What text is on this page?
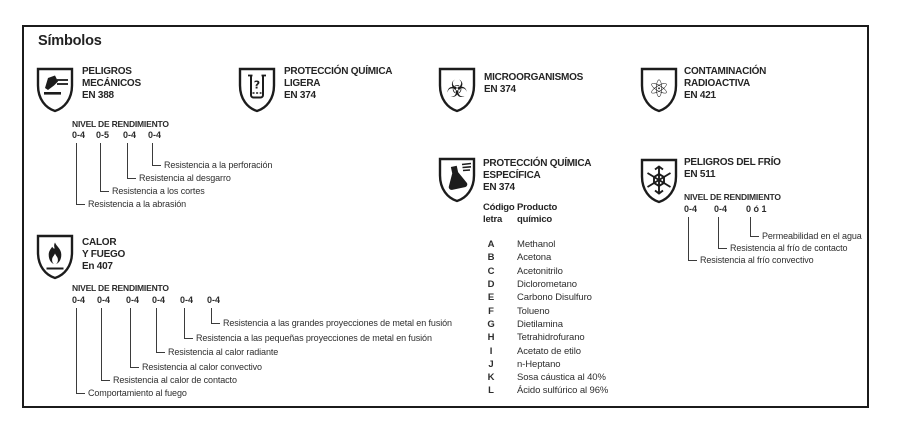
Símbolos
PELIGROS
MECÁNICOS
EN 388
?
PROTECCIÓN QUÍMICA
LIGERA
EN 374	☣ MICROORGANISMOS
EN 374	⚛
CONTAMINACIÓN
RADIOACTIVA
EN 421
NIVEL DE RENDIMIENTO
0-4 0-5 0-4 0-4
Resistencia a la abrasión
Resistencia a los cortes
Resistencia al desgarro
Resistencia a la perforación	PROTECCIÓN QUÍMICA
ESPECÍFICA
EN 374
Código
letra
Producto
químico
A	Methanol
B	Acetona
C	Acetonitrilo
D	Diclorometano
E	Carbono Disulfuro
F	Tolueno
G	Dietilamina
H	Tetrahidrofurano
I	Acetato de etilo
J	n-Heptano
K	Sosa cáustica al 40%
L	Ácido sulfúrico al 96%
PELIGROS DEL FRÍO
EN 511
NIVEL DE RENDIMIENTO
0-4 0-4 0 ó 1
Resistencia al frío convectivo
Resistencia al frío de contacto
Permeabilidad en el agua
CALOR
Y FUEGO
En 407
NIVEL DE RENDIMIENTO
0-4 0-4 0-4 0-4 0-4 0-4
Comportamiento al fuego
Resistencia al calor de contacto
Resistencia al calor convectivo
Resistencia al calor radiante
Resistencia a las pequeñas proyecciones de metal en fusión
Resistencia a las grandes proyecciones de metal en fusión
